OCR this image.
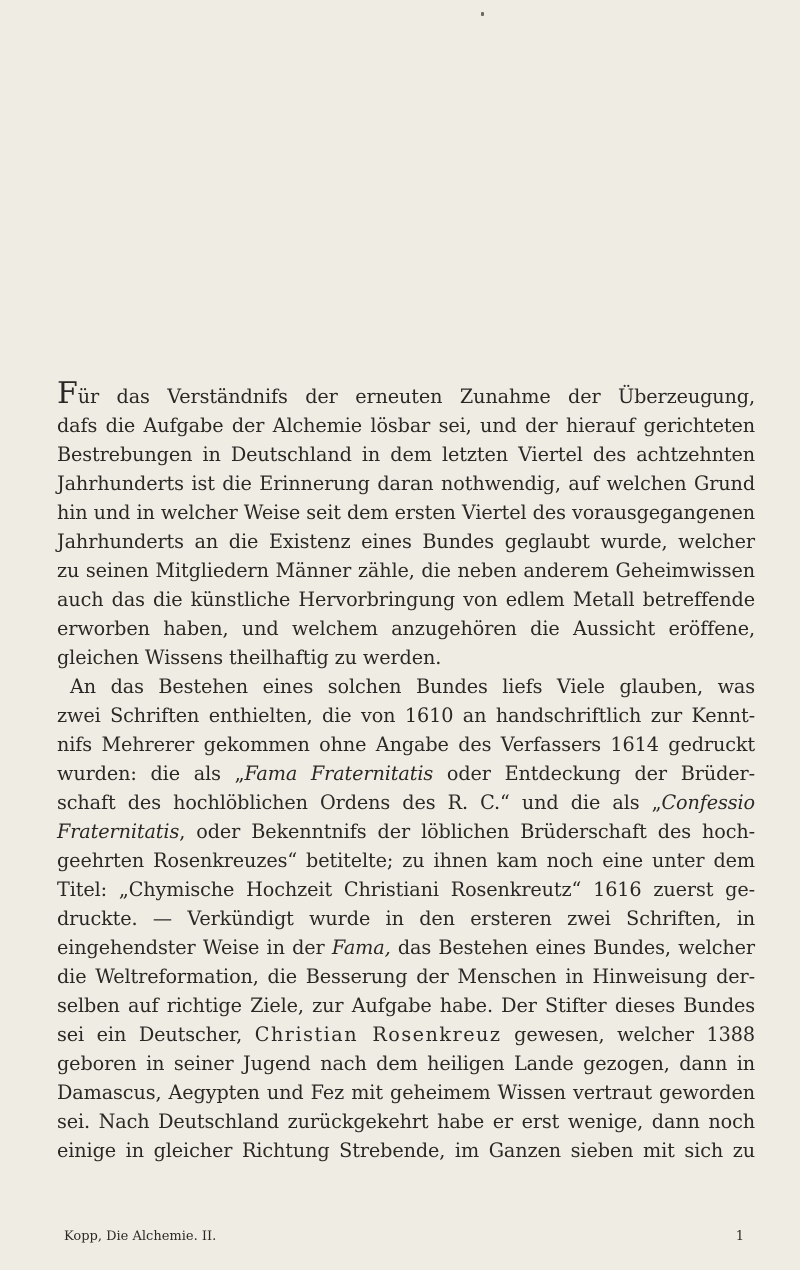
Für das Verständnifs der erneuten Zunahme der Überzeugung,
dafs die Aufgabe der Alchemie lösbar sei, und der hierauf gerichteten
Bestrebungen in Deutschland in dem letzten Viertel des achtzehnten
Jahrhunderts ist die Erinnerung daran nothwendig, auf welchen Grund
hin und in welcher Weise seit dem ersten Viertel des vorausgegangenen
Jahrhunderts an die Existenz eines Bundes geglaubt wurde, welcher
zu seinen Mitgliedern Männer zähle, die neben anderem Geheimwissen
auch das die künstliche Hervorbringung von edlem Metall betreffende
erworben haben, und welchem anzugehören die Aussicht eröffene,
gleichen Wissens theilhaftig zu werden.
An das Bestehen eines solchen Bundes liefs Viele glauben, was
zwei Schriften enthielten, die von 1610 an handschriftlich zur Kennt-
nifs Mehrerer gekommen ohne Angabe des Verfassers 1614 gedruckt
wurden: die als „Fama Fraternitatis oder Entdeckung der Brüder-
schaft des hochlöblichen Ordens des R. C.“ und die als „Confessio
Fraternitatis, oder Bekenntnifs der löblichen Brüderschaft des hoch-
geehrten Rosenkreuzes“ betitelte; zu ihnen kam noch eine unter dem
Titel: „Chymische Hochzeit Christiani Rosenkreutz“ 1616 zuerst ge-
druckte. — Verkündigt wurde in den ersteren zwei Schriften, in
eingehendster Weise in der Fama, das Bestehen eines Bundes, welcher
die Weltreformation, die Besserung der Menschen in Hinweisung der-
selben auf richtige Ziele, zur Aufgabe habe. Der Stifter dieses Bundes
sei ein Deutscher, Christian Rosenkreuz gewesen, welcher 1388
geboren in seiner Jugend nach dem heiligen Lande gezogen, dann in
Damascus, Aegypten und Fez mit geheimem Wissen vertraut geworden
sei. Nach Deutschland zurückgekehrt habe er erst wenige, dann noch
einige in gleicher Richtung Strebende, im Ganzen sieben mit sich zu
Kopp, Die Alchemie. II.	1
